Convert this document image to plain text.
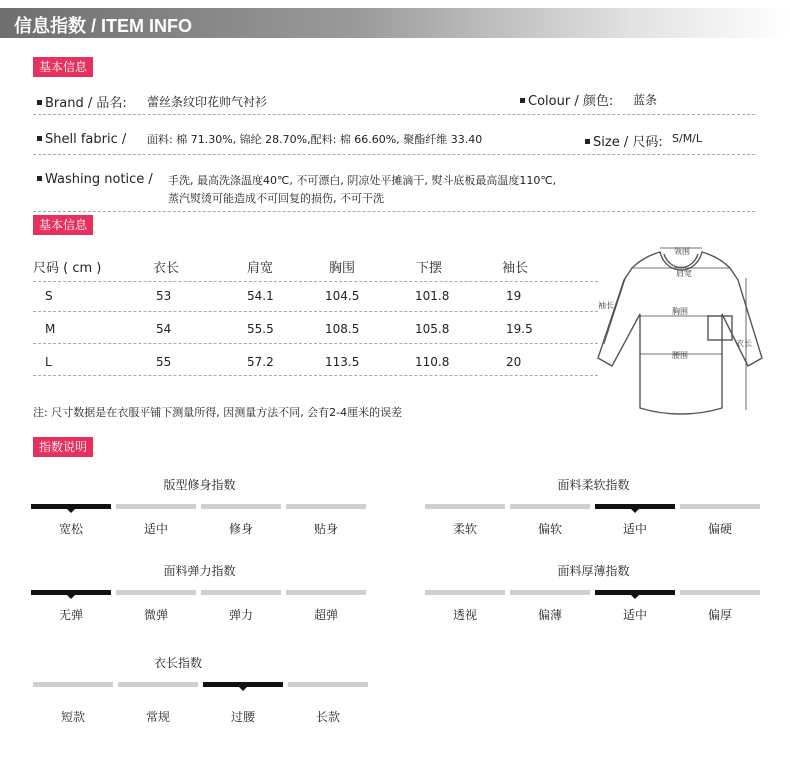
信息指数 / ITEM INFO
基本信息
Brand / 品名: 蕾丝条纹印花帅气衬衫	Colour / 颜色: 蓝条
Shell fabric / 面料: 棉 71.30%, 锦纶 28.70%,配料: 棉 66.60%, 聚酯纤维 33.40	Size / 尺码: S/M/L
Washing notice / 手洗, 最高洗涤温度40℃, 不可漂白, 阴凉处平摊滴干, 熨斗底板最高温度110℃,
蒸汽熨烫可能造成不可回复的损伤, 不可干洗
基本信息
尺码 ( cm )	衣长	肩宽	胸围	下摆	袖长
S	53	54.1	104.5	101.8	19
M	54	55.5	108.5	105.8	19.5
L	55	57.2	113.5	110.8	20
领围
肩宽
袖长
胸围
衣长
腰围
注: 尺寸数据是在衣服平铺下测量所得, 因测量方法不同, 会有2-4厘米的误差
指数说明
版型修身指数
宽松	适中	修身	贴身
面料柔软指数
柔软	偏软	适中	偏硬
面料弹力指数
无弹	微弹	弹力	超弹
面料厚薄指数
透视	偏薄	适中	偏厚
衣长指数
短款	常规	过腰	长款
